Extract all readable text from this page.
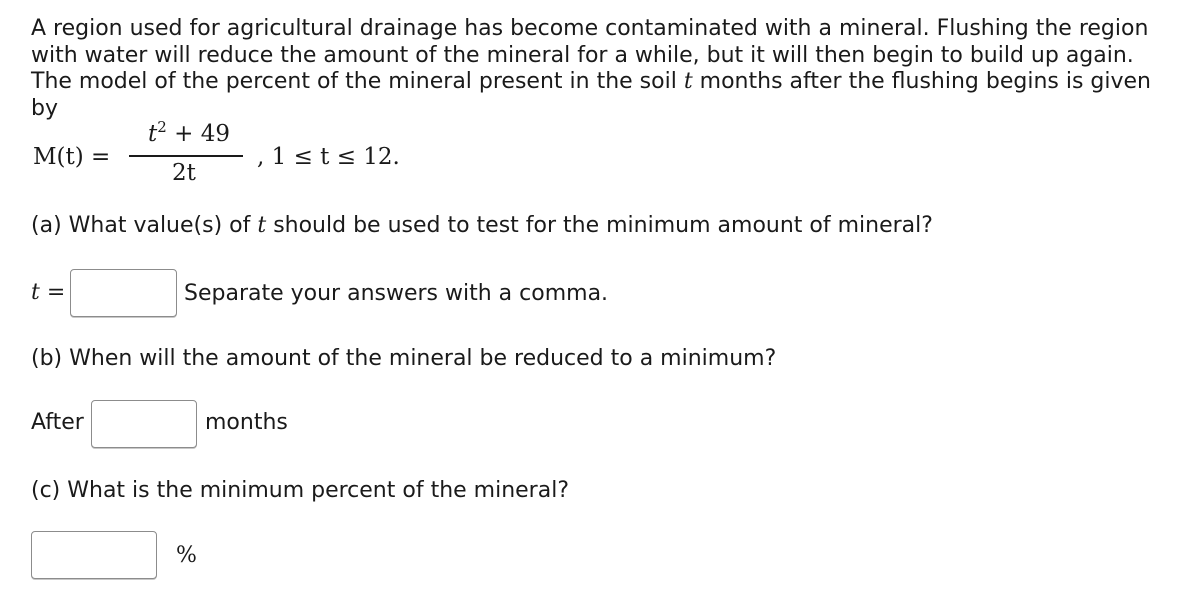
A region used for agricultural drainage has become contaminated with a mineral. Flushing the region with water will reduce the amount of the mineral for a while, but it will then begin to build up again. The model of the percent of the mineral present in the soil t months after the flushing begins is given by
M(t) =
$t^2 + 49$
2t
, 1 ≤ t ≤ 12.
(a) What value(s) of t should be used to test for the minimum amount of mineral?
t =	Separate your answers with a comma.
(b) When will the amount of the mineral be reduced to a minimum?
After	months
(c) What is the minimum percent of the mineral?
%
